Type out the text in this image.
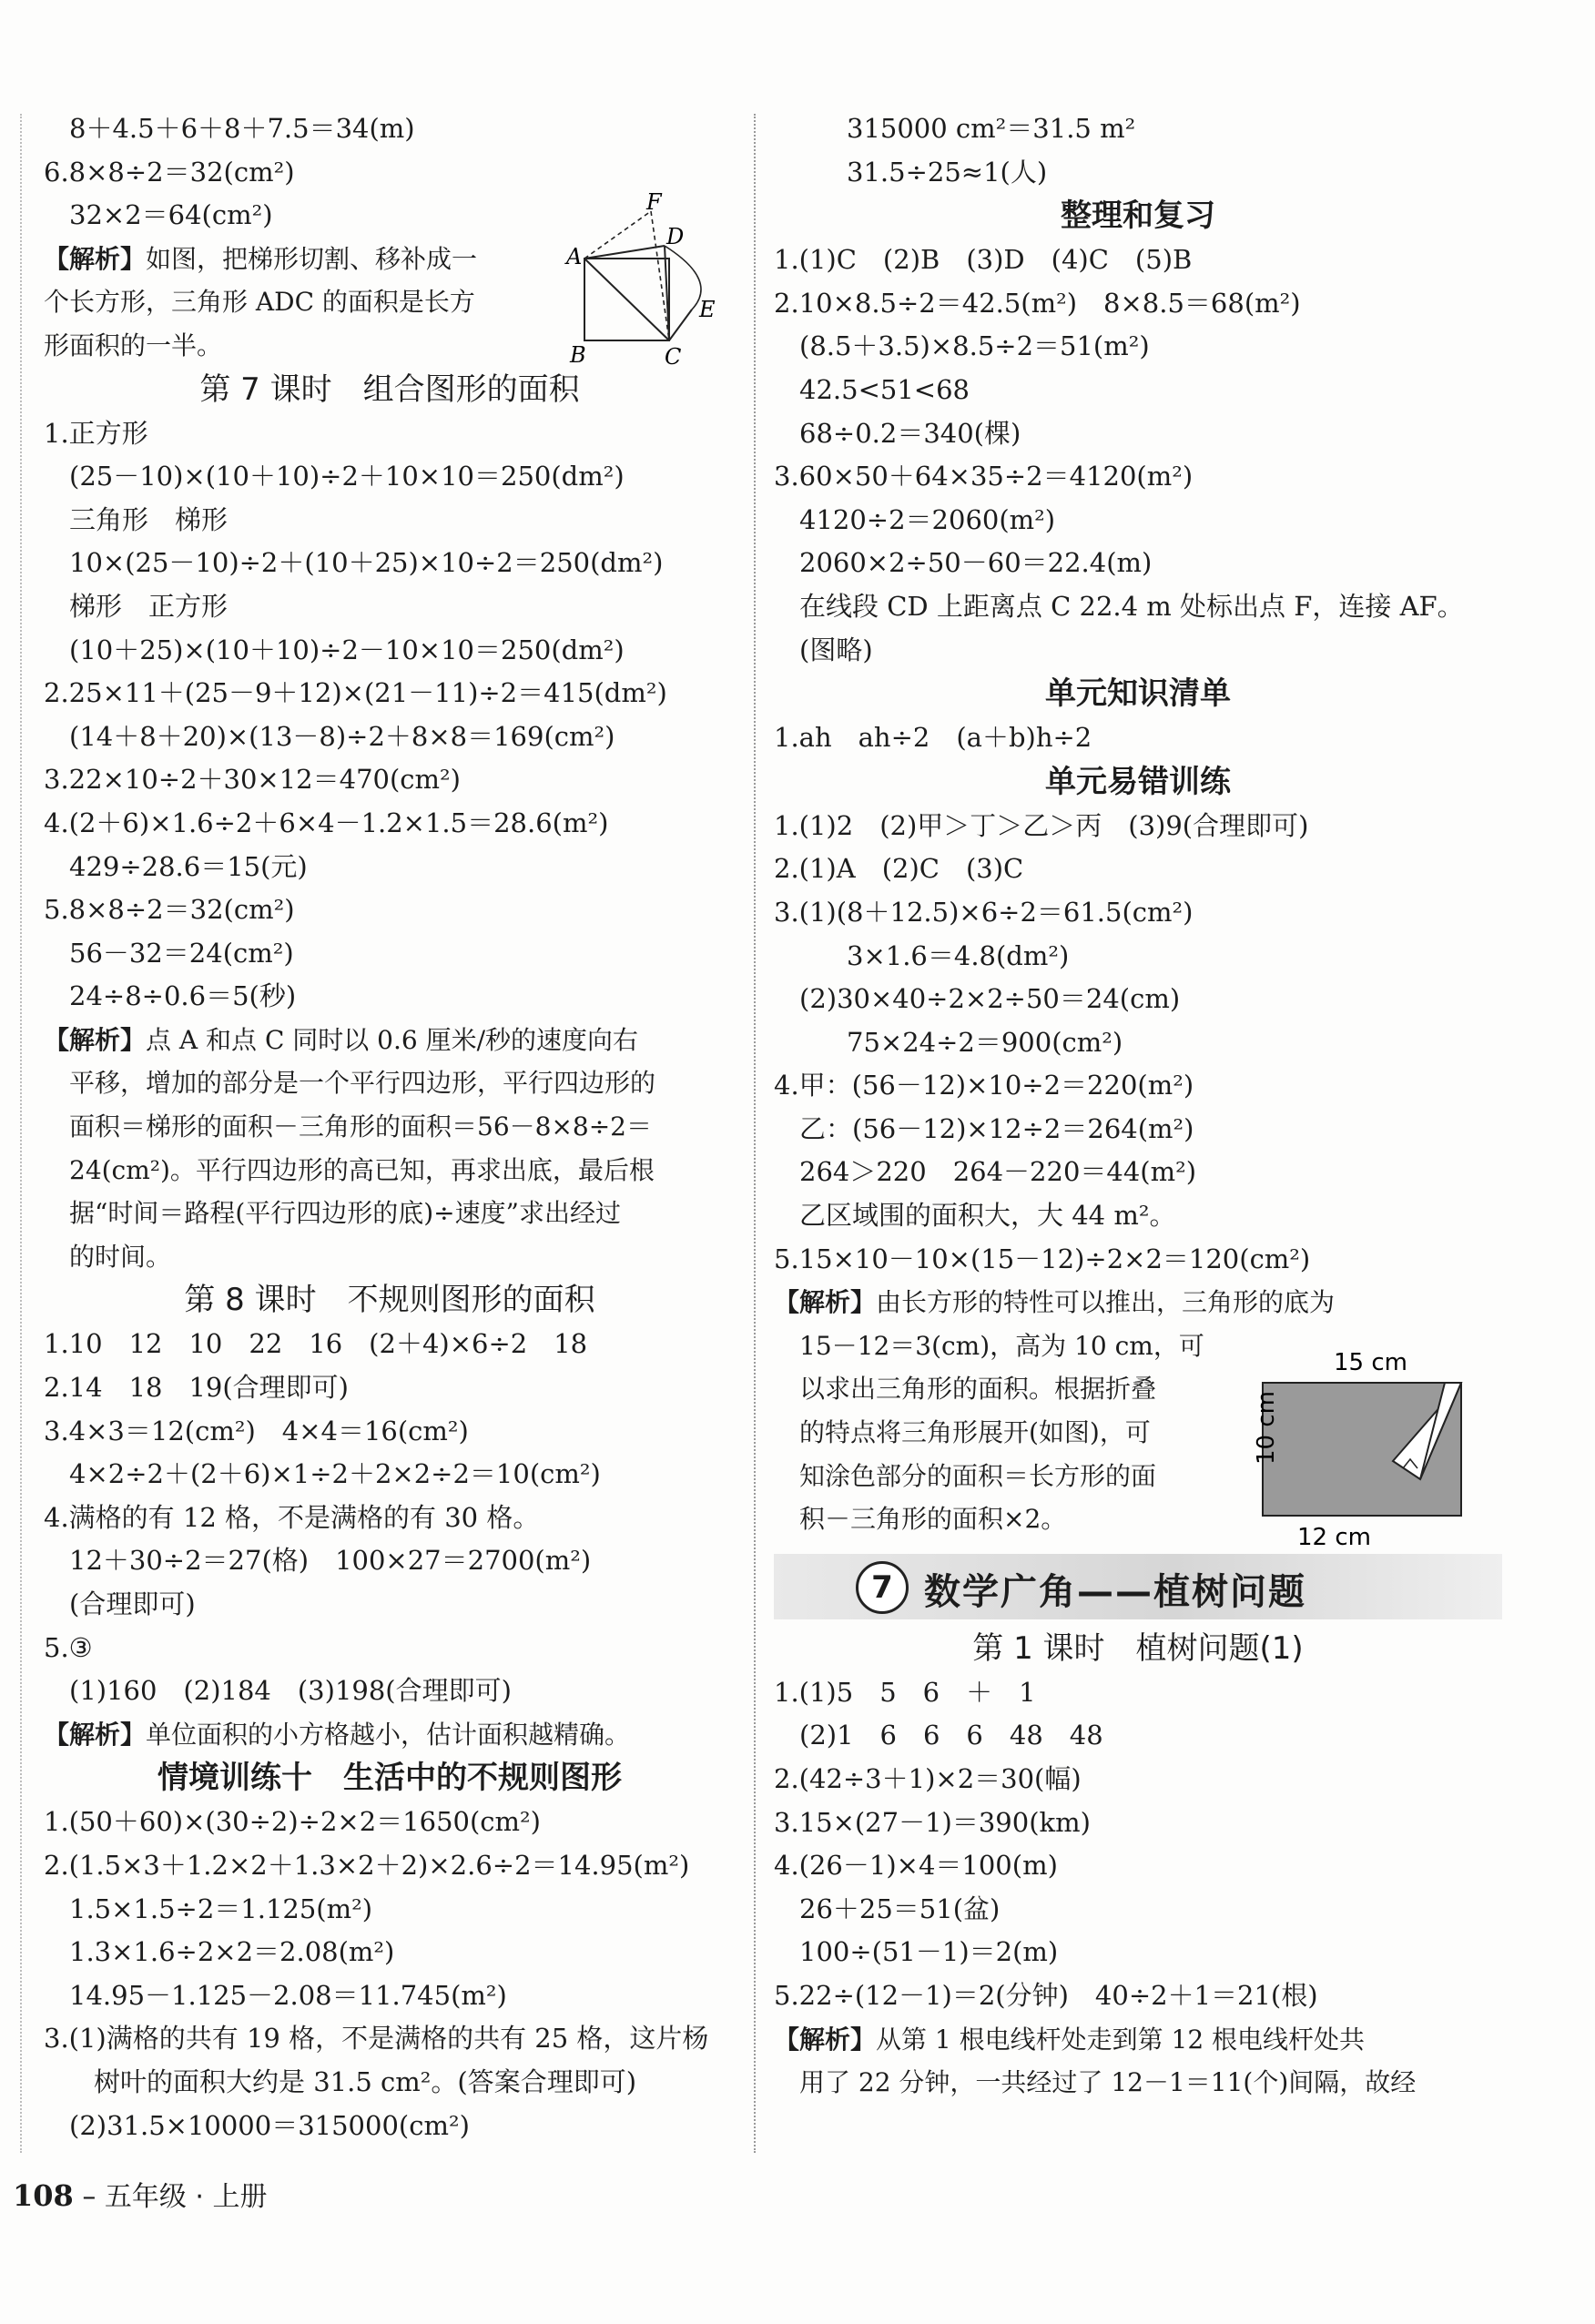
8＋4.5＋6＋8＋7.5＝34(m)
6.8×8÷2＝32(cm²)
32×2＝64(cm²)
【解析】如图，把梯形切割、移补成一
个长方形，三角形 ADC 的面积是长方
形面积的一半。
第 7 课时　组合图形的面积
1.正方形
(25－10)×(10＋10)÷2＋10×10＝250(dm²)
三角形　梯形
10×(25－10)÷2＋(10＋25)×10÷2＝250(dm²)
梯形　正方形
(10＋25)×(10＋10)÷2－10×10＝250(dm²)
2.25×11＋(25－9＋12)×(21－11)÷2＝415(dm²)
(14＋8＋20)×(13－8)÷2＋8×8＝169(cm²)
3.22×10÷2＋30×12＝470(cm²)
4.(2＋6)×1.6÷2＋6×4－1.2×1.5＝28.6(m²)
429÷28.6＝15(元)
5.8×8÷2＝32(cm²)
56－32＝24(cm²)
24÷8÷0.6＝5(秒)
【解析】点 A 和点 C 同时以 0.6 厘米/秒的速度向右
平移，增加的部分是一个平行四边形，平行四边形的
面积＝梯形的面积－三角形的面积＝56－8×8÷2＝
24(cm²)。平行四边形的高已知，再求出底，最后根
据“时间＝路程(平行四边形的底)÷速度”求出经过
的时间。
第 8 课时　不规则图形的面积
1.10　12　10　22　16　(2＋4)×6÷2　18
2.14　18　19(合理即可)
3.4×3＝12(cm²)　4×4＝16(cm²)
4×2÷2＋(2＋6)×1÷2＋2×2÷2＝10(cm²)
4.满格的有 12 格，不是满格的有 30 格。
12＋30÷2＝27(格)　100×27＝2700(m²)
(合理即可)
5.③
(1)160　(2)184　(3)198(合理即可)
【解析】单位面积的小方格越小，估计面积越精确。
情境训练十　生活中的不规则图形
1.(50＋60)×(30÷2)÷2×2＝1650(cm²)
2.(1.5×3＋1.2×2＋1.3×2＋2)×2.6÷2＝14.95(m²)
1.5×1.5÷2＝1.125(m²)
1.3×1.6÷2×2＝2.08(m²)
14.95－1.125－2.08＝11.745(m²)
3.(1)满格的共有 19 格，不是满格的共有 25 格，这片杨
树叶的面积大约是 31.5 cm²。(答案合理即可)
(2)31.5×10000＝315000(cm²)
F
A
D
E
B	C
315000 cm²＝31.5 m²
31.5÷25≈1(人)
整理和复习
1.(1)C　(2)B　(3)D　(4)C　(5)B
2.10×8.5÷2＝42.5(m²)　8×8.5＝68(m²)
(8.5＋3.5)×8.5÷2＝51(m²)
42.5<51<68
68÷0.2＝340(棵)
3.60×50＋64×35÷2＝4120(m²)
4120÷2＝2060(m²)
2060×2÷50－60＝22.4(m)
在线段 CD 上距离点 C 22.4 m 处标出点 F，连接 AF。
(图略)
单元知识清单
1.ah　ah÷2　(a＋b)h÷2
单元易错训练
1.(1)2　(2)甲＞丁＞乙＞丙　(3)9(合理即可)
2.(1)A　(2)C　(3)C
3.(1)(8＋12.5)×6÷2＝61.5(cm²)
3×1.6＝4.8(dm²)
(2)30×40÷2×2÷50＝24(cm)
75×24÷2＝900(cm²)
4.甲：(56－12)×10÷2＝220(m²)
乙：(56－12)×12÷2＝264(m²)
264＞220　264－220＝44(m²)
乙区域围的面积大，大 44 m²。
5.15×10－10×(15－12)÷2×2＝120(cm²)
【解析】由长方形的特性可以推出，三角形的底为
15－12＝3(cm)，高为 10 cm，可
以求出三角形的面积。根据折叠
的特点将三角形展开(如图)，可
知涂色部分的面积＝长方形的面
积－三角形的面积×2。
7 数学广角——植树问题
第 1 课时　植树问题(1)
1.(1)5　5　6　＋　1
(2)1　6　6　6　48　48
2.(42÷3＋1)×2＝30(幅)
3.15×(27－1)＝390(km)
4.(26－1)×4＝100(m)
26＋25＝51(盆)
100÷(51－1)＝2(m)
5.22÷(12－1)＝2(分钟)　40÷2＋1＝21(根)
【解析】从第 1 根电线杆处走到第 12 根电线杆处共
用了 22 分钟，一共经过了 12－1＝11(个)间隔，故经
15 cm
10 cm
12 cm
108 – 五年级 · 上册
